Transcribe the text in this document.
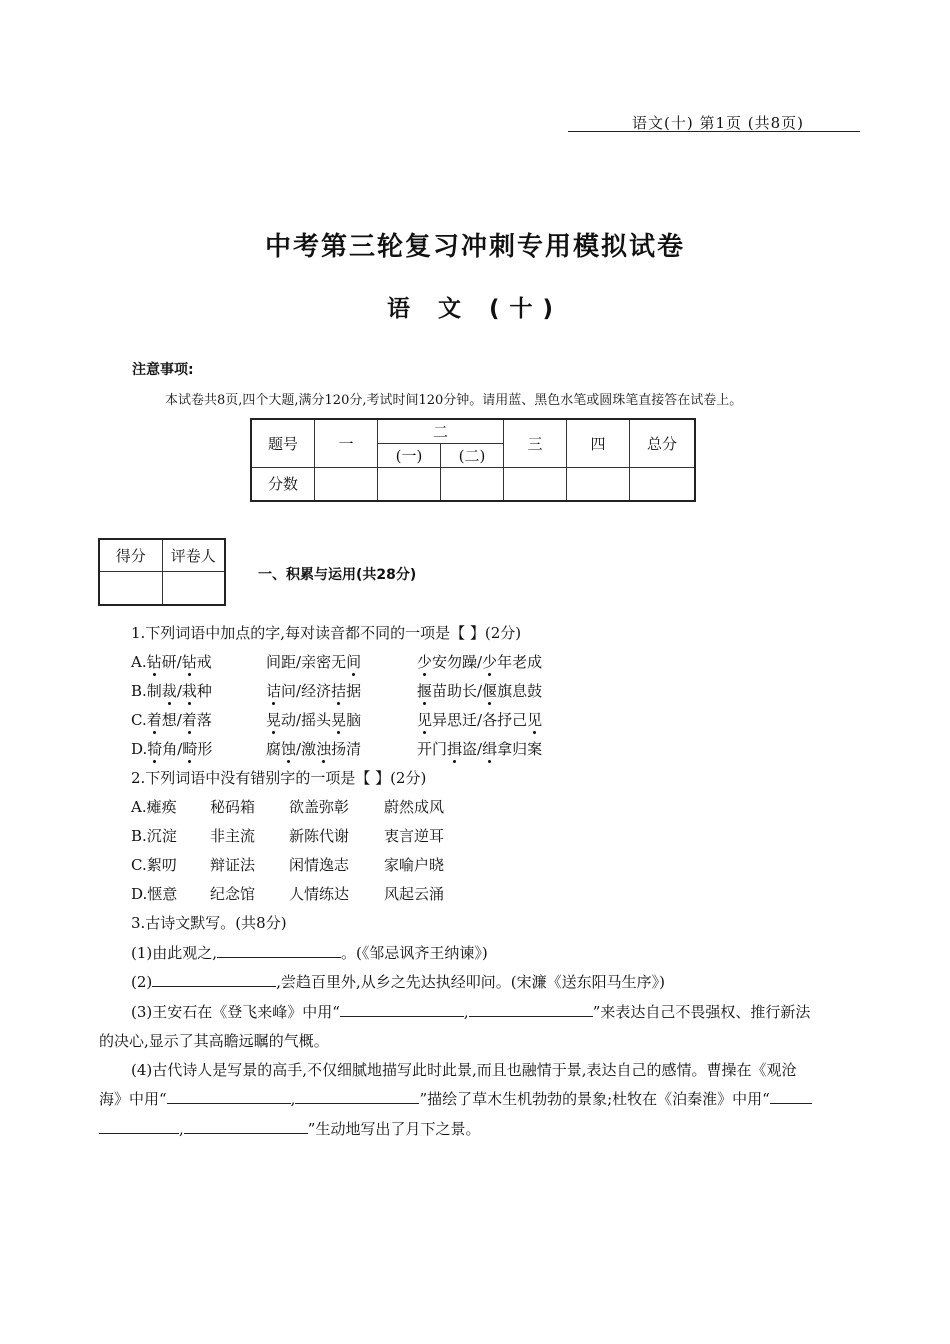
语文(十) 第1页 (共8页)
中考第三轮复习冲刺专用模拟试卷
语 文 (十)
注意事项:
本试卷共8页,四个大题,满分120分,考试时间120分钟。请用蓝、黑色水笔或圆珠笔直接答在试卷上。
题号	一	二		三	四	总分
		(一)	(二)			
分数						
得分	评卷人

一、积累与运用(共28分)
1.下列词语中加点的字,每对读音都不同的一项是【 】(2分)
A.钻研/钻戒	间距/亲密无间	少安勿躁/少年老成
B.制裁/栽种	诘问/经济拮据	揠苗助长/偃旗息鼓
C.着想/着落	晃动/摇头晃脑	见异思迁/各抒己见
D.犄角/畸形	腐蚀/激浊扬清	开门揖盗/缉拿归案
2.下列词语中没有错别字的一项是【 】(2分)
A.瘫痪 秘码箱 欲盖弥彰 蔚然成风
B.沉淀 非主流 新陈代谢 衷言逆耳
C.絮叨 辩证法 闲情逸志 家喻户晓
D.惬意 纪念馆 人情练达 风起云涌
3.古诗文默写。(共8分)
(1)由此观之,	。(《邹忌讽齐王纳谏》)
(2)	,尝趋百里外,从乡之先达执经叩问。(宋濂《送东阳马生序》)
(3)王安石在《登飞来峰》中用“	,	”来表达自己不畏强权、推行新法
的决心,显示了其高瞻远瞩的气概。
(4)古代诗人是写景的高手,不仅细腻地描写此时此景,而且也融情于景,表达自己的感情。曹操在《观沧
海》中用“	,	”描绘了草木生机勃勃的景象;杜牧在《泊秦淮》中用“
,	”生动地写出了月下之景。
